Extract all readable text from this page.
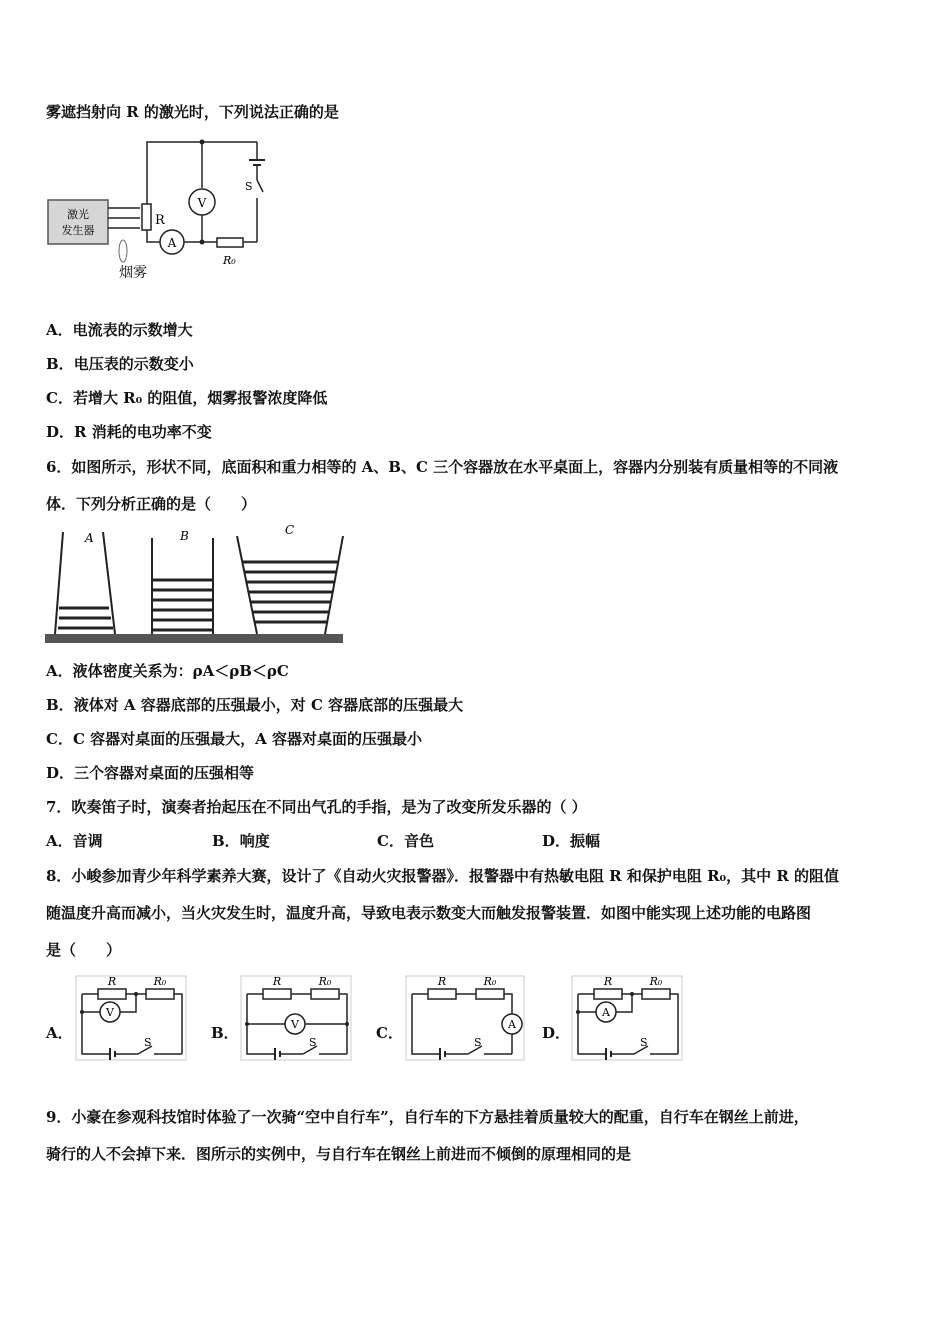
雾遮挡射向 R 的激光时，下列说法正确的是
激光
发生器
R
V
A
S
R₀
烟雾
A．电流表的示数增大
B．电压表的示数变小
C．若增大 R₀ 的阻值，烟雾报警浓度降低
D．R 消耗的电功率不变
6．如图所示，形状不同，底面积和重力相等的 A、B、C 三个容器放在水平桌面上，容器内分别装有质量相等的不同液
体．下列分析正确的是（　　）
A	B	C
A．液体密度关系为：ρA＜ρB＜ρC
B．液体对 A 容器底部的压强最小，对 C 容器底部的压强最大
C．C 容器对桌面的压强最大，A 容器对桌面的压强最小
D．三个容器对桌面的压强相等
7．吹奏笛子时，演奏者抬起压在不同出气孔的手指，是为了改变所发乐器的（ ）
A．音调	B．响度	C．音色	D．振幅
8．小峻参加青少年科学素养大赛，设计了《自动火灾报警器》．报警器中有热敏电阻 R 和保护电阻 R₀，其中 R 的阻值
随温度升高而减小，当火灾发生时，温度升高，导致电表示数变大而触发报警装置．如图中能实现上述功能的电路图
是（　　）
A．
R	R₀
V
S
B．
R	R₀
V
S
C．
R	R₀
A
S
D．
R	R₀
A
S
9．小豪在参观科技馆时体验了一次骑“空中自行车”，自行车的下方悬挂着质量较大的配重，自行车在钢丝上前进，
骑行的人不会掉下来．图所示的实例中，与自行车在钢丝上前进而不倾倒的原理相同的是
